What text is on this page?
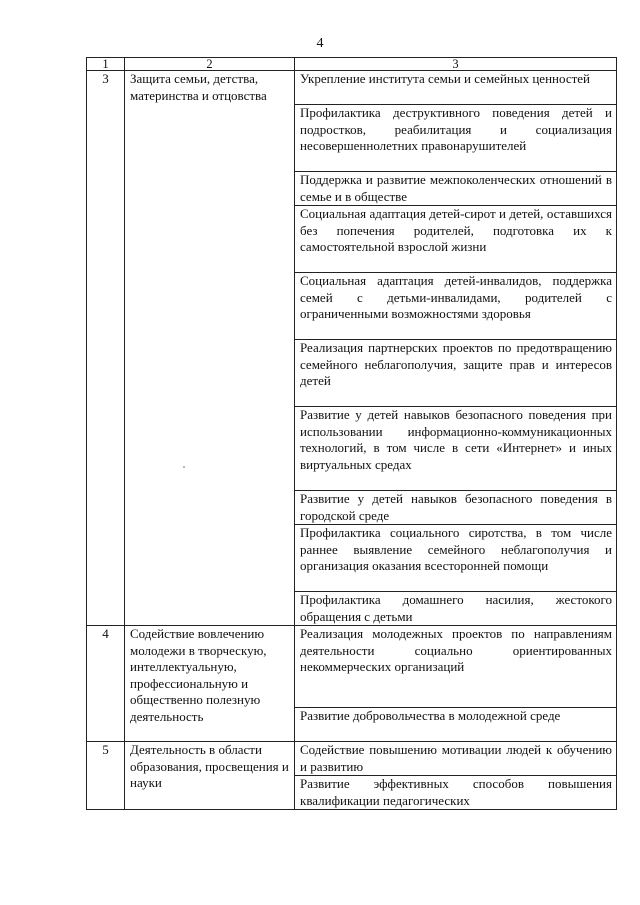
4
1	2	3
3	Защита семьи, детства, материнства и отцовства	Укрепление института семьи и семейных ценностей
		Профилактика деструктивного поведения детей и подростков, реабилитация и социализация несовершеннолетних правонарушителей
		Поддержка и развитие межпоколенческих отношений в семье и в обществе
		Социальная адаптация детей-сирот и детей, оставшихся без попечения родителей, подготовка их к самостоятельной взрослой жизни
		Социальная адаптация детей-инвалидов, поддержка семей с детьми-инвалидами, родителей с ограниченными возможностями здоровья
		Реализация партнерских проектов по предотвращению семейного неблагополучия, защите прав и интересов детей
		Развитие у детей навыков безопасного поведения при использовании информационно-коммуникационных технологий, в том числе в сети «Интернет» и иных виртуальных средах
		Развитие у детей навыков безопасного поведения в городской среде
		Профилактика социального сиротства, в том числе раннее выявление семейного неблагополучия и организация оказания всесторонней помощи
		Профилактика домашнего насилия, жестокого обращения с детьми
4	Содействие вовлечению молодежи в творческую, интеллектуальную, профессиональную и общественно полезную деятельность	Реализация молодежных проектов по направлениям деятельности социально ориентированных некоммерческих организаций
		Развитие добровольчества в молодежной среде
5	Деятельность в области образования, просвещения и науки	Содействие повышению мотивации людей к обучению и развитию
		Развитие эффективных способов повышения квалификации педагогических
